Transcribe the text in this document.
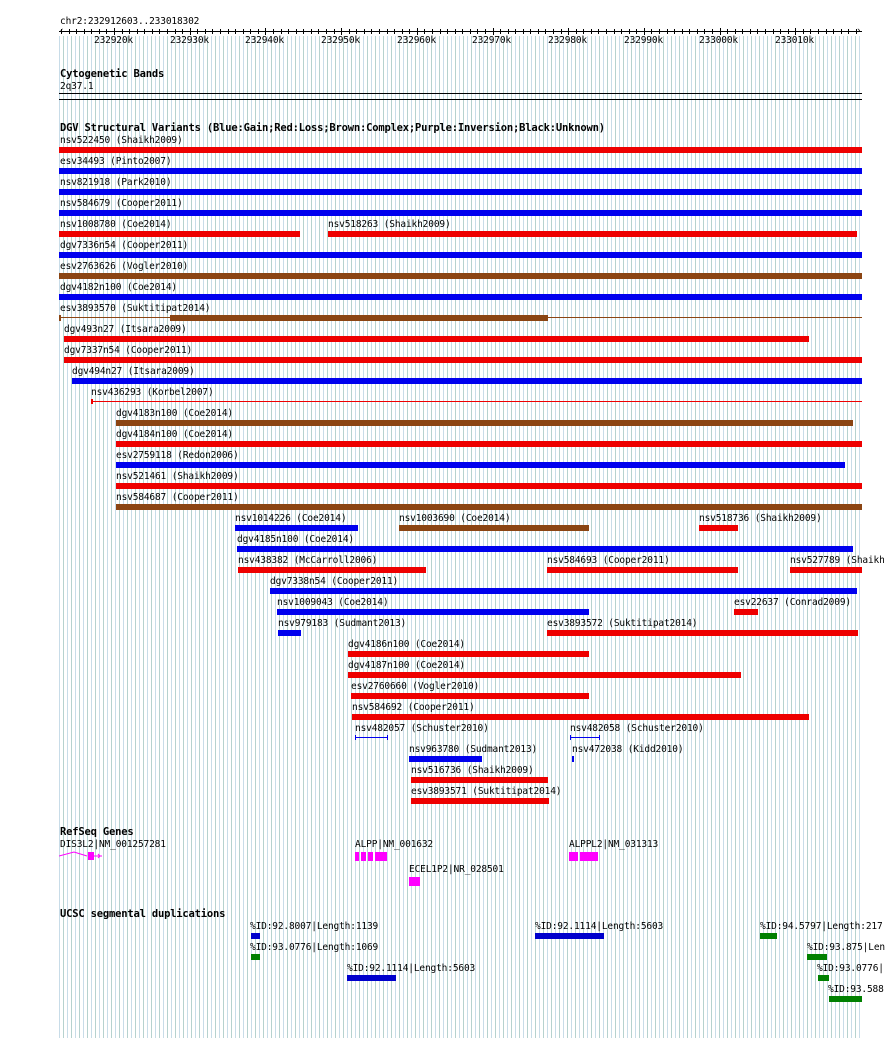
chr2:232912603..233018302
‹	›
232920k	232930k	232940k	232950k	232960k	232970k	232980k	232990k	233000k	233010k
Cytogenetic Bands
2q37.1
DGV Structural Variants (Blue:Gain;Red:Loss;Brown:Complex;Purple:Inversion;Black:Unknown)
nsv522450 (Shaikh2009)
esv34493 (Pinto2007)
nsv821918 (Park2010)
nsv584679 (Cooper2011)
nsv1008780 (Coe2014)	nsv518263 (Shaikh2009)
dgv7336n54 (Cooper2011)
esv2763626 (Vogler2010)
dgv4182n100 (Coe2014)
esv3893570 (Suktitipat2014)
dgv493n27 (Itsara2009)
dgv7337n54 (Cooper2011)
dgv494n27 (Itsara2009)
nsv436293 (Korbel2007)
dgv4183n100 (Coe2014)
dgv4184n100 (Coe2014)
esv2759118 (Redon2006)
nsv521461 (Shaikh2009)
nsv584687 (Cooper2011)
nsv1014226 (Coe2014)	nsv1003690 (Coe2014)	nsv518736 (Shaikh2009)
dgv4185n100 (Coe2014)
nsv438382 (McCarroll2006)	nsv584693 (Cooper2011)	nsv527789 (Shaikh
dgv7338n54 (Cooper2011)
nsv1009043 (Coe2014)	esv22637 (Conrad2009)
nsv979183 (Sudmant2013)	esv3893572 (Suktitipat2014)
dgv4186n100 (Coe2014)
dgv4187n100 (Coe2014)
esv2760660 (Vogler2010)
nsv584692 (Cooper2011)
nsv482057 (Schuster2010)	nsv482058 (Schuster2010)
nsv963780 (Sudmant2013)	nsv472038 (Kidd2010)
nsv516736 (Shaikh2009)
esv3893571 (Suktitipat2014)
RefSeq Genes
DIS3L2|NM_001257281	ALPP|NM_001632	ALPPL2|NM_031313
ECEL1P2|NR_028501
UCSC segmental duplications
%ID:92.8007|Length:1139	%ID:92.1114|Length:5603	%ID:94.5797|Length:217
%ID:93.0776|Length:1069	%ID:93.875|Len
%ID:92.1114|Length:5603	%ID:93.0776|
%ID:93.588
